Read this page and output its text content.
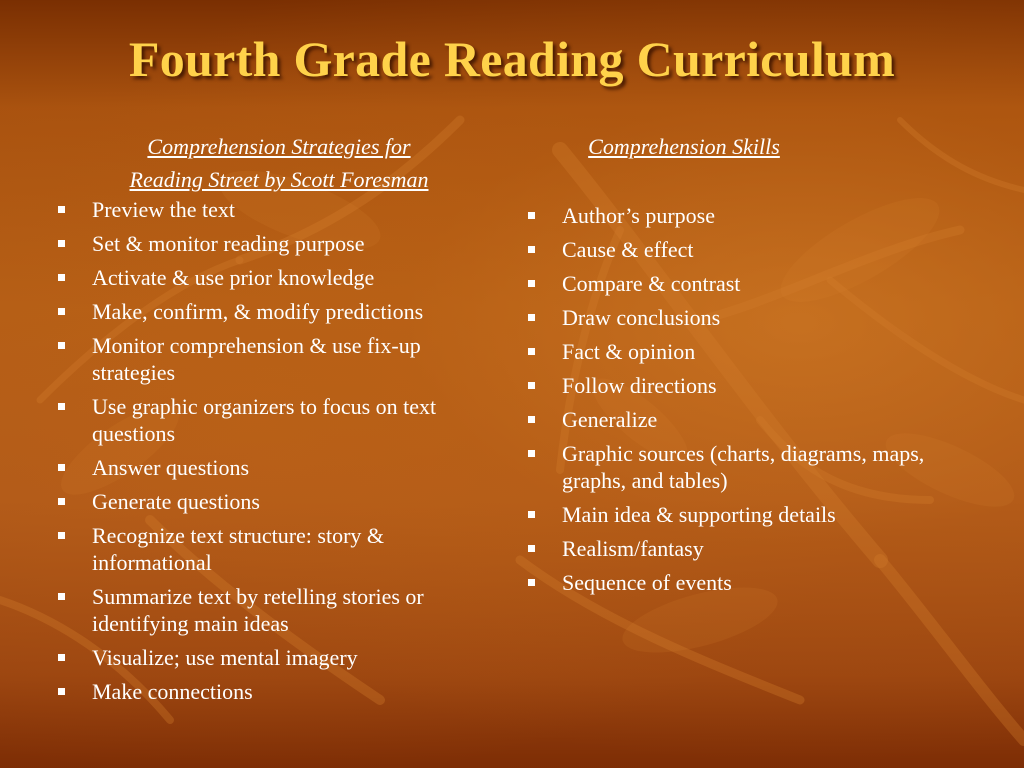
Fourth Grade Reading Curriculum
Comprehension Strategies for
Reading Street by Scott Foresman
Preview the text
Set & monitor reading purpose
Activate & use prior knowledge
Make, confirm, & modify predictions
Monitor comprehension & use fix-up strategies
Use graphic organizers to focus on text questions
Answer questions
Generate questions
Recognize text structure: story & informational
Summarize text by retelling stories or identifying main ideas
Visualize; use mental imagery
Make connections
Comprehension Skills
Author’s purpose
Cause & effect
Compare & contrast
Draw conclusions
Fact & opinion
Follow directions
Generalize
Graphic sources (charts, diagrams, maps, graphs, and tables)
Main idea & supporting details
Realism/fantasy
Sequence of events
